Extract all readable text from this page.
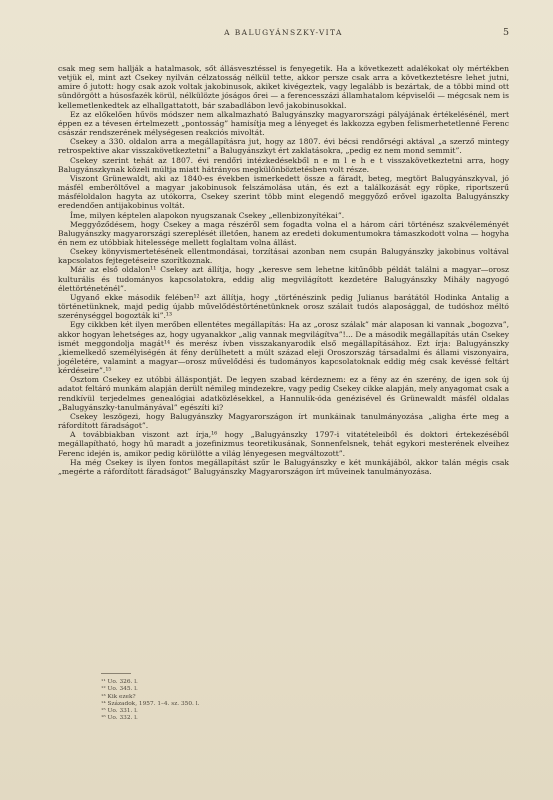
A BALUGYÁNSZKY-VITA	5

csak meg sem hallják a hatalmasok, sőt állásvesztéssel is fenyegetik. Ha a következett adalékokat oly mértékben vetjük el, mint azt Csekey nyilván célzatosság nélkül tette, akkor persze csak arra a következtetésre lehet jutni, amire ő jutott: hogy csak azok voltak jakobinusok, akiket kivégeztek, vagy legalább is bezártak, de a többi mind ott sündörgött a húsosfazék körül, nélkülözte jóságos őrei — a ferencesszázi államhatalom képviselői — mégcsak nem is kellemetlenkedtek az elhallgattatott, bár szabadlábon levő jakobinusokkal.

Ez az előkelően hűvös módszer nem alkalmazható Balugyánszky magyarországi pályájának értékelésénél, mert éppen ez a tévesen értelmezett „pontosság” hamisítja meg a lényeget és lakkozza egyben felismerhetetlenné Ferenc császár rendszerének mélységesen reakciós mivoltát.

Csekey a 330. oldalon arra a megállapításra jut, hogy az 1807. évi bécsi rendőrségi aktával „a szerző mintegy retrospektive akar visszakövetkeztetni” a Balugyánszkyt ért zaklatásokra, „pedig ez nem mond semmit”.

Csekey szerint tehát az 1807. évi rendőri intézkedésekből n e m l e h e t visszakövetkeztetni arra, hogy Balugyánszkynak közeli múltja miatt hátrányos megkülönböztetésben volt része.

Viszont Grünewaldt, aki az 1840-es években ismerkedett össze a fáradt, beteg, megtört Balugyánszkyval, jó másfél emberöltővel a magyar jakobinusok felszámolása után, és ezt a találkozását egy röpke, riportszerű másféloldalon hagyta az utókorra, Csekey szerint több mint elegendő meggyőző erővel igazolta Balugyánszky eredendően antijakobinus voltát.

Íme, milyen képtelen alapokon nyugszanak Csekey „ellenbizonyítékai”.

Meggyőződésem, hogy Csekey a maga részéről sem fogadta volna el a három cári történész szakvéleményét Balugyánszky magyarországi szereplését illetően, hanem az eredeti dokumentumokra támaszkodott volna — hogyha én nem ez utóbbiak hitelessége mellett foglaltam volna állást.

Csekey könyvismertetésének ellentmondásai, torzításai azonban nem csupán Balugyánszky jakobinus voltával kapcsolatos fejtegetéseire szorítkoznak.

Már az első oldalon¹¹ Csekey azt állítja, hogy „keresve sem lehetne kitűnőbb példát találni a magyar—orosz kulturális és tudományos kapcsolatokra, eddig alig megvilágított kezdetére Balugyánszky Mihály nagyogó élettörténeténél”.

Ugyanő ekke második felében¹² azt állítja, hogy „történészink pedig Julianus barátától Hodinka Antalig a történetünknek, majd pedig újabb művelődéstörténetünknek orosz szálait tudós alaposággal, de tudóshoz méltó szerénységgel bogozták ki”.¹³

Egy cikkben két ilyen merőben ellentétes megállapítás: Ha az „orosz szálak” már alaposan ki vannak „bogozva”, akkor hogyan lehetséges az, hogy ugyanakkor „alig vannak megvilágítva”!... De a második megállapítás után Csekey ismét meggondolja magát¹⁴ és merész ívben visszakanyarodik első megállapításához. Ezt írja: Balugyánszky „kiemelkedő személyiségén át fény derülhetett a múlt század eleji Oroszország társadalmi és állami viszonyaira, jogéletére, valamint a magyar—orosz művelődési és tudományos kapcsolatoknak eddig még csak kevéssé feltárt kérdéseire”.¹⁵

Osztom Csekey ez utóbbi álláspontját. De legyen szabad kérdeznem: ez a fény az én szerény, de igen sok új adatot feltáró munkám alapján derült némileg mindezekre, vagy pedig Csekey cikke alapján, mely anyagomat csak a rendkívül terjedelmes genealógiai adatközlésekkel, a Hannulik-óda genézisével és Grünewaldt másfél oldalas „Balugyánszky-tanulmányával” egészíti ki?

Csekey leszögezi, hogy Balugyánszky Magyarországon írt munkáinak tanulmányozása „aligha érte meg a ráfordított fáradságot”.

A továbbiakban viszont azt írja,¹⁶ hogy „Balugyánszky 1797-i vitatételeiből és doktori értekezéséből megállapítható, hogy hű maradt a jozefinizmus teoretikusának, Sonnenfelsnek, tehát egykori mesterének elveihez Ferenc idején is, amikor pedig körülötte a világ lényegesen megváltozott”.

Ha még Csekey is ilyen fontos megállapítást szűr le Balugyánszky e két munkájából, akkor talán mégis csak „megérte a ráfordított fáradságot” Balugyánszky Magyarországon írt műveinek tanulmányozása.

¹¹ Uo. 326. l.
¹² Uo. 345. l.
¹³ Kik ezek?
¹⁴ Századok, 1957. 1–4. sz. 350. l.
¹⁵ Uo. 331. l.
¹⁶ Uo. 332. l.
